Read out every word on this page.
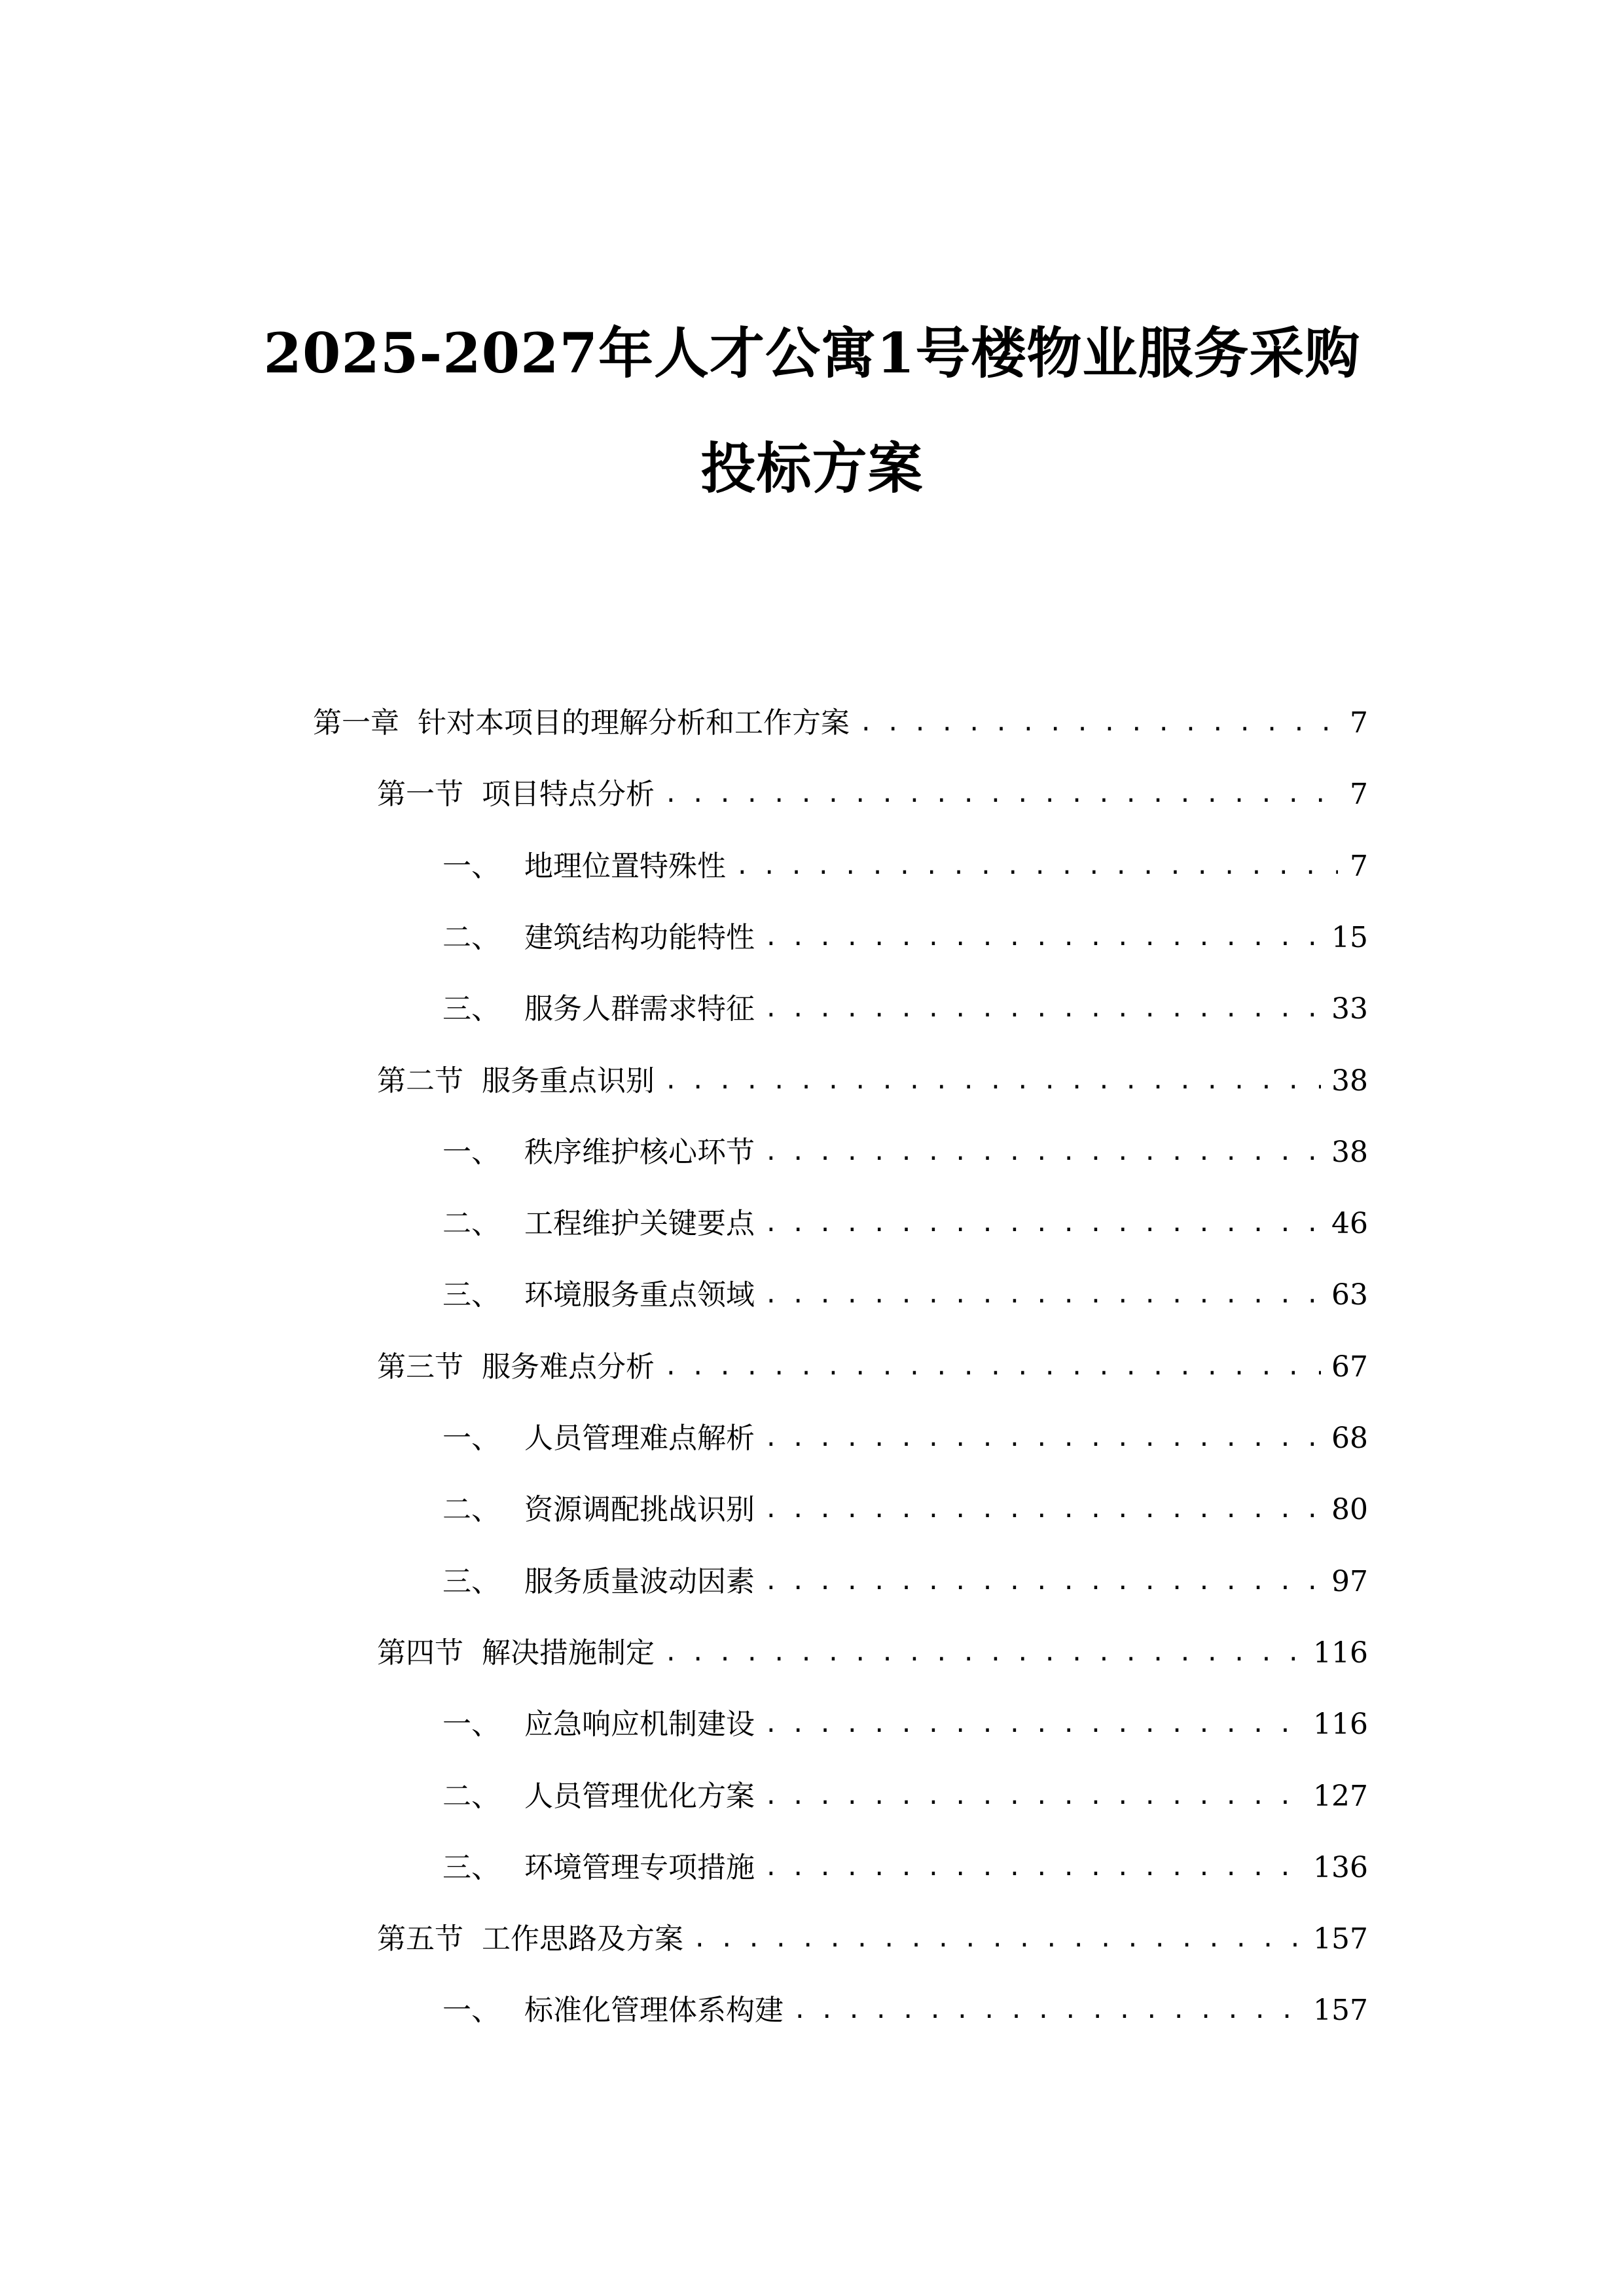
2025-2027年人才公寓1号楼物业服务采购
投标方案
第一章 针对本项目的理解分析和工作方案 . . .	7
第一节 项目特点分析 . . .	7
一、 地理位置特殊性 . . .	7
二、 建筑结构功能特性 . . .	15
三、 服务人群需求特征 . . .	33
第二节 服务重点识别 . . .	38
一、 秩序维护核心环节 . . .	38
二、 工程维护关键要点 . . .	46
三、 环境服务重点领域 . . .	63
第三节 服务难点分析 . . .	67
一、 人员管理难点解析 . . .	68
二、 资源调配挑战识别 . . .	80
三、 服务质量波动因素 . . .	97
第四节 解决措施制定 . . .	116
一、 应急响应机制建设 . . .	116
二、 人员管理优化方案 . . .	127
三、 环境管理专项措施 . . .	136
第五节 工作思路及方案 . . .	157
一、 标准化管理体系构建 . . .	157
